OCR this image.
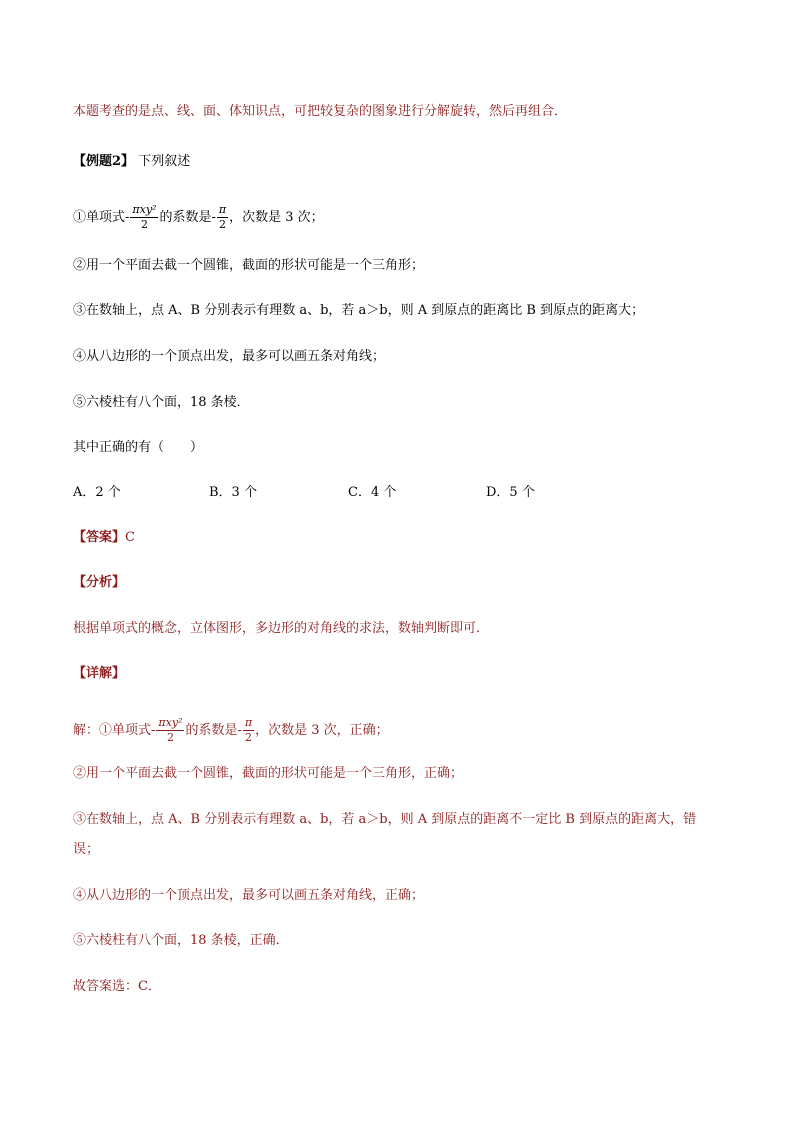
本题考查的是点、线、面、体知识点，可把较复杂的图象进行分解旋转，然后再组合．
【例题2】 下列叙述
①单项式- $\frac{\text{πxy²}}{2}$ 的系数是- $\frac{\pi}{2}$ ，次数是 3 次；
②用一个平面去截一个圆锥，截面的形状可能是一个三角形；
③在数轴上，点 A、B 分别表示有理数 a、b，若 a＞b，则 A 到原点的距离比 B 到原点的距离大；
④从八边形的一个顶点出发，最多可以画五条对角线；
⑤六棱柱有八个面，18 条棱．
其中正确的有（　　）
A．2 个	B．3 个	C．4 个	D．5 个
【答案】C
【分析】
根据单项式的概念，立体图形，多边形的对角线的求法，数轴判断即可．
【详解】
解：①单项式- $\frac{\text{πxy²}}{2}$ 的系数是- $\frac{\pi}{2}$ ，次数是 3 次，正确；
②用一个平面去截一个圆锥，截面的形状可能是一个三角形，正确；
③在数轴上，点 A、B 分别表示有理数 a、b，若 a＞b，则 A 到原点的距离不一定比 B 到原点的距离大，错
误；
④从八边形的一个顶点出发，最多可以画五条对角线，正确；
⑤六棱柱有八个面，18 条棱，正确．
故答案选：C．
